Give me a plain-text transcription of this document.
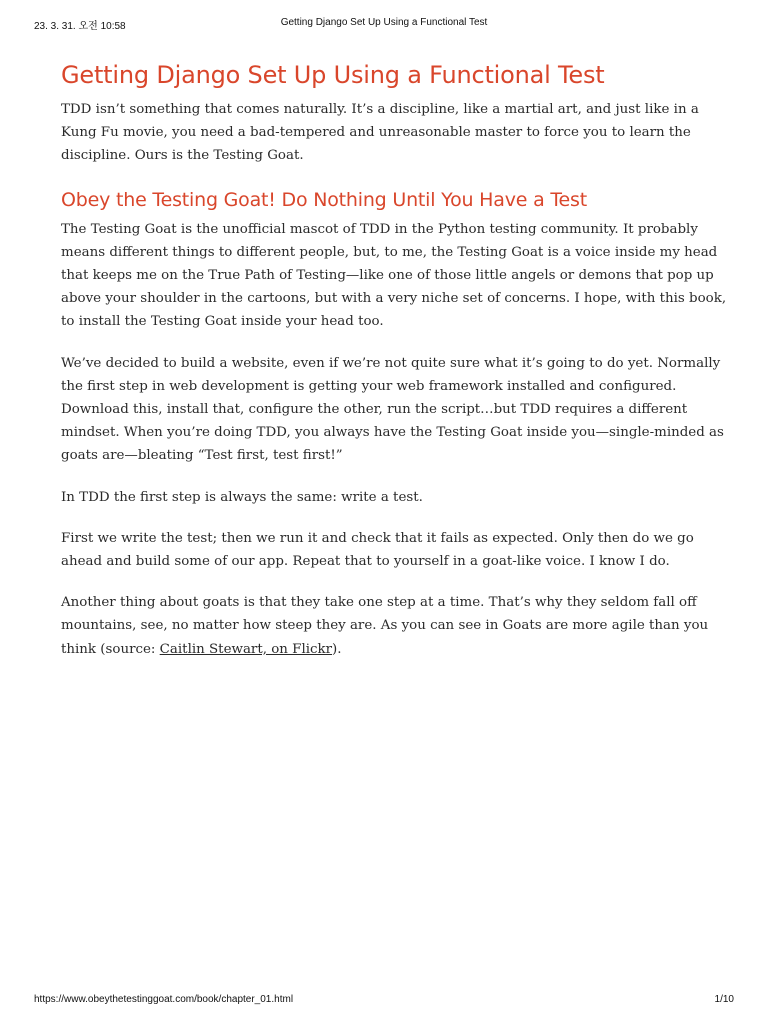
23. 3. 31. 오전 10:58	Getting Django Set Up Using a Functional Test
Getting Django Set Up Using a Functional Test

TDD isn’t something that comes naturally. It’s a discipline, like a martial art, and just like in a Kung Fu movie, you need a bad-tempered and unreasonable master to force you to learn the discipline. Ours is the Testing Goat.

Obey the Testing Goat! Do Nothing Until You Have a Test

The Testing Goat is the unofficial mascot of TDD in the Python testing community. It probably means different things to different people, but, to me, the Testing Goat is a voice inside my head that keeps me on the True Path of Testing—like one of those little angels or demons that pop up above your shoulder in the cartoons, but with a very niche set of concerns. I hope, with this book, to install the Testing Goat inside your head too.

We’ve decided to build a website, even if we’re not quite sure what it’s going to do yet. Normally the first step in web development is getting your web framework installed and configured. Download this, install that, configure the other, run the script…but TDD requires a different mindset. When you’re doing TDD, you always have the Testing Goat inside you—single-minded as goats are—bleating “Test first, test first!”

In TDD the first step is always the same: write a test.

First we write the test; then we run it and check that it fails as expected. Only then do we go ahead and build some of our app. Repeat that to yourself in a goat-like voice. I know I do.

Another thing about goats is that they take one step at a time. That’s why they seldom fall off mountains, see, no matter how steep they are. As you can see in Goats are more agile than you think (source: Caitlin Stewart, on Flickr).

https://www.obeythetestinggoat.com/book/chapter_01.html	1/10
